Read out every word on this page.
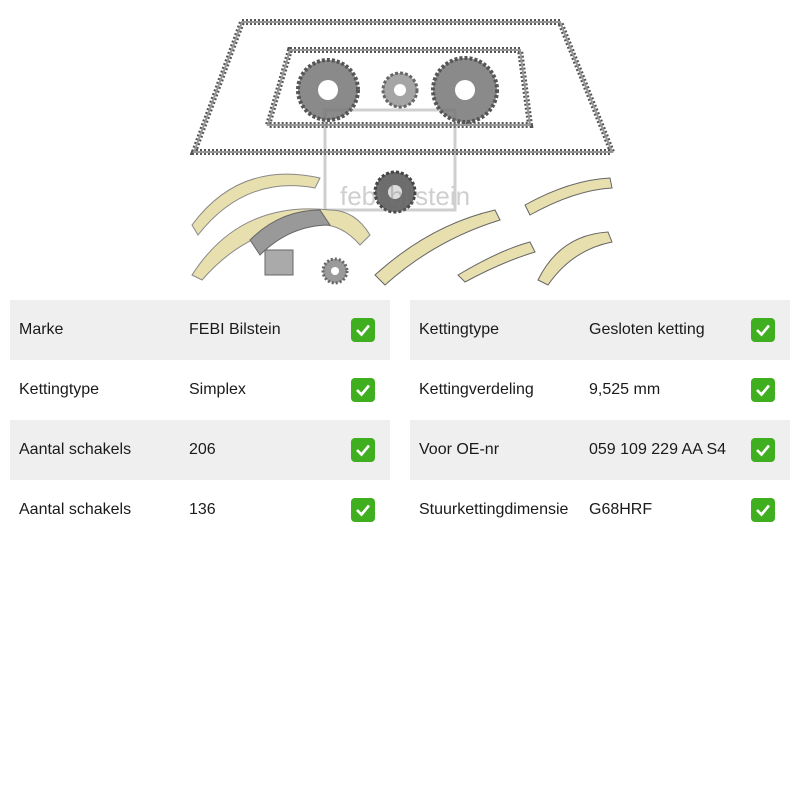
febi bilstein
Marke	FEBI Bilstein
Kettingtype	Simplex
Aantal schakels	206
Aantal schakels	136
Kettingtype	Gesloten ketting
Kettingverdeling	9,525 mm
Voor OE-nr	059 109 229 AA S4
Stuurkettingdimensie G68HRF
